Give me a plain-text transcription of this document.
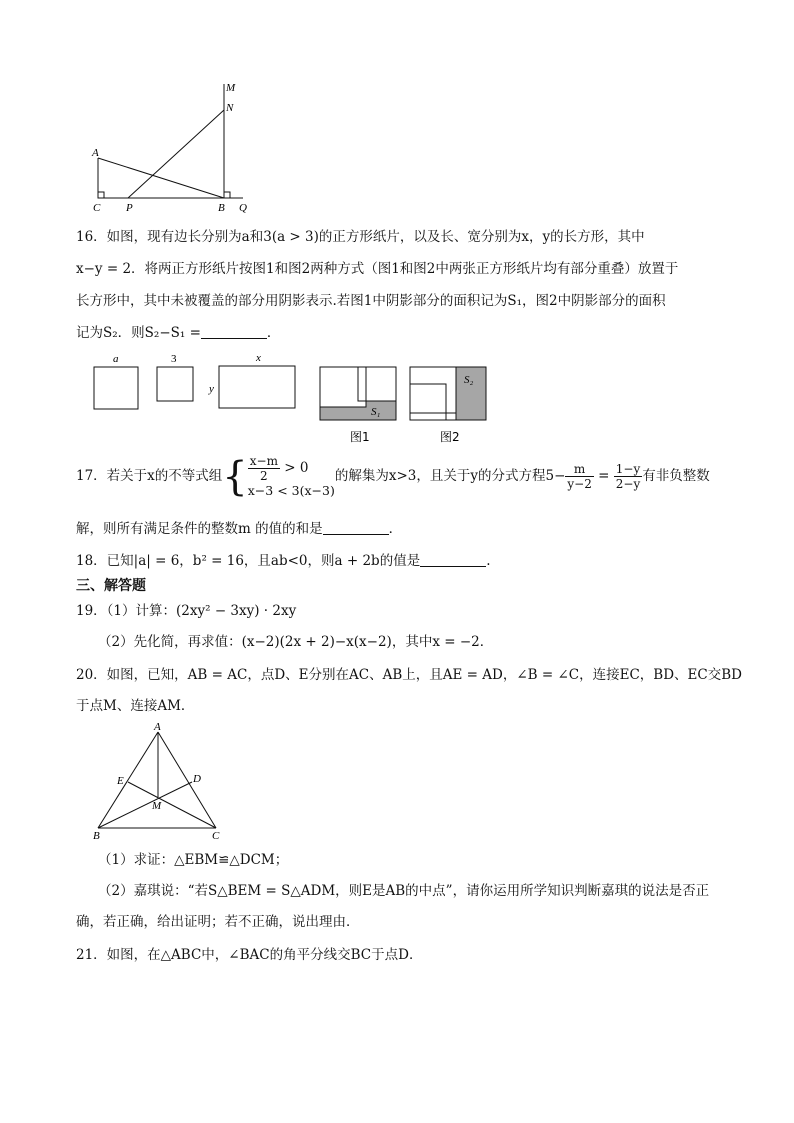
M
N
A
C P	B Q
16．如图，现有边长分别为a和3(a > 3)的正方形纸片，以及长、宽分别为x，y的长方形，其中
x−y = 2．将两正方形纸片按图1和图2两种方式（图1和图2中两张正方形纸片均有部分重叠）放置于
长方形中，其中未被覆盖的部分用阴影表示.若图1中阴影部分的面积记为S₁，图2中阴影部分的面积
记为S₂．则S₂−S₁ =	．
a	3	x
y
S₁
S₂
图1	图2
17．若关于x的不等式组{ $\frac{x-m}{2} > 0$
x−3 < 3(x−3)
的解集为x>3，且关于y的分式方程$5- \frac{m}{y-2} = \frac{1-y}{2-y}$ 有非负整数
解，则所有满足条件的整数m 的值的和是	．
18．已知|a| = 6，b² = 16，且ab<0，则a + 2b的值是	.
三、解答题
19．（1）计算：(2xy² − 3xy) · 2xy
（2）先化简，再求值：(x−2)(2x + 2)−x(x−2)，其中x = −2．
20．如图，已知，AB = AC，点D、E分别在AC、AB上，且AE = AD，∠B = ∠C，连接EC，BD、EC交BD
于点M、连接AM．
A
E	D
M
B	C
（1）求证：△EBM≌△DCM；
（2）嘉琪说：“若S△BEM = S△ADM，则E是AB的中点”，请你运用所学知识判断嘉琪的说法是否正
确，若正确，给出证明；若不正确，说出理由．
21．如图，在△ABC中，∠BAC的角平分线交BC于点D．
